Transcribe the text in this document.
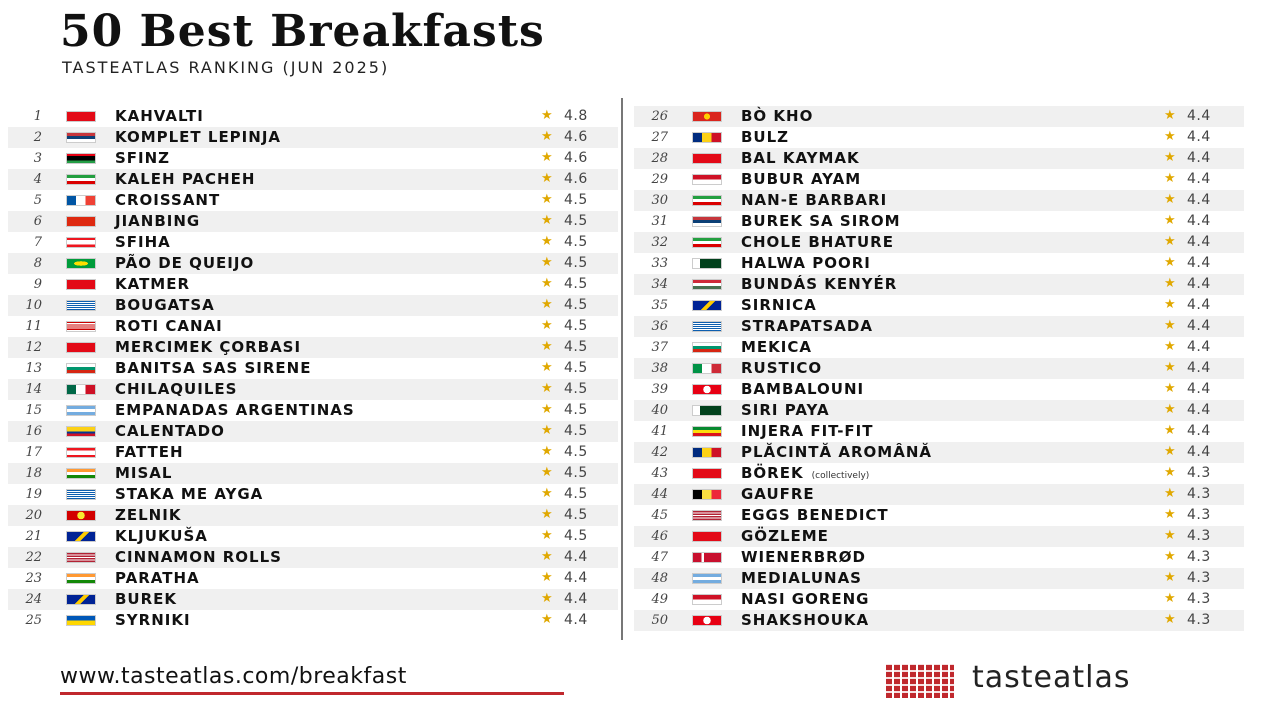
50 Best Breakfasts
TASTEATLAS RANKING (JUN 2025)
1	KAHVALTI	★ 4.8
2	KOMPLET LEPINJA	★ 4.6
3	SFINZ	★ 4.6
4	KALEH PACHEH	★ 4.6
5	CROISSANT	★ 4.5
6	JIANBING	★ 4.5
7	SFIHA	★ 4.5
8	PÃO DE QUEIJO	★ 4.5
9	KATMER	★ 4.5
10	BOUGATSA	★ 4.5
11	ROTI CANAI	★ 4.5
12	MERCIMEK ÇORBASI	★ 4.5
13	BANITSA SAS SIRENE	★ 4.5
14	CHILAQUILES	★ 4.5
15	EMPANADAS ARGENTINAS	★ 4.5
16	CALENTADO	★ 4.5
17	FATTEH	★ 4.5
18	MISAL	★ 4.5
19	STAKA ME AYGA	★ 4.5
20	ZELNIK	★ 4.5
21	KLJUKUŠA	★ 4.5
22	CINNAMON ROLLS	★ 4.4
23	PARATHA	★ 4.4
24	BUREK	★ 4.4
25	SYRNIKI	★ 4.4
26	BÒ KHO	★ 4.4
27	BULZ	★ 4.4
28	BAL KAYMAK	★ 4.4
29	BUBUR AYAM	★ 4.4
30	NAN-E BARBARI	★ 4.4
31	BUREK SA SIROM	★ 4.4
32	CHOLE BHATURE	★ 4.4
33	HALWA POORI	★ 4.4
34	BUNDÁS KENYÉR	★ 4.4
35	SIRNICA	★ 4.4
36	STRAPATSADA	★ 4.4
37	MEKICA	★ 4.4
38	RUSTICO	★ 4.4
39	BAMBALOUNI	★ 4.4
40	SIRI PAYA	★ 4.4
41	INJERA FIT-FIT	★ 4.4
42	PLĂCINTĂ AROMÂNĂ	★ 4.4
43	BÖREK (collectively)	★ 4.3
44	GAUFRE	★ 4.3
45	EGGS BENEDICT	★ 4.3
46	GÖZLEME	★ 4.3
47	WIENERBRØD	★ 4.3
48	MEDIALUNAS	★ 4.3
49	NASI GORENG	★ 4.3
50	SHAKSHOUKA	★ 4.3
www.tasteatlas.com/breakfast	tasteatlas
